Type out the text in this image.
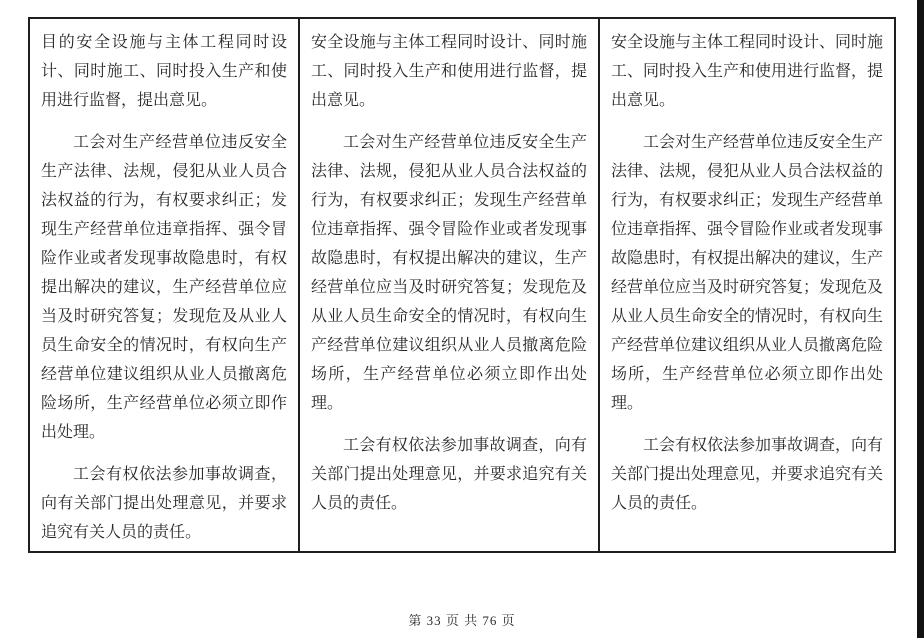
目的安全设施与主体工程同时设计、同时施工、同时投入生产和使用进行监督，提出意见。

工会对生产经营单位违反安全生产法律、法规，侵犯从业人员合法权益的行为，有权要求纠正；发现生产经营单位违章指挥、强令冒险作业或者发现事故隐患时，有权提出解决的建议，生产经营单位应当及时研究答复；发现危及从业人员生命安全的情况时，有权向生产经营单位建议组织从业人员撤离危险场所，生产经营单位必须立即作出处理。

工会有权依法参加事故调查，向有关部门提出处理意见，并要求追究有关人员的责任。

安全设施与主体工程同时设计、同时施工、同时投入生产和使用进行监督，提出意见。

工会对生产经营单位违反安全生产法律、法规，侵犯从业人员合法权益的行为，有权要求纠正；发现生产经营单位违章指挥、强令冒险作业或者发现事故隐患时，有权提出解决的建议，生产经营单位应当及时研究答复；发现危及从业人员生命安全的情况时，有权向生产经营单位建议组织从业人员撤离危险场所，生产经营单位必须立即作出处理。

工会有权依法参加事故调查，向有关部门提出处理意见，并要求追究有关人员的责任。

安全设施与主体工程同时设计、同时施工、同时投入生产和使用进行监督，提出意见。

工会对生产经营单位违反安全生产法律、法规，侵犯从业人员合法权益的行为，有权要求纠正；发现生产经营单位违章指挥、强令冒险作业或者发现事故隐患时，有权提出解决的建议，生产经营单位应当及时研究答复；发现危及从业人员生命安全的情况时，有权向生产经营单位建议组织从业人员撤离危险场所，生产经营单位必须立即作出处理。

工会有权依法参加事故调查，向有关部门提出处理意见，并要求追究有关人员的责任。

第 33 页 共 76 页
